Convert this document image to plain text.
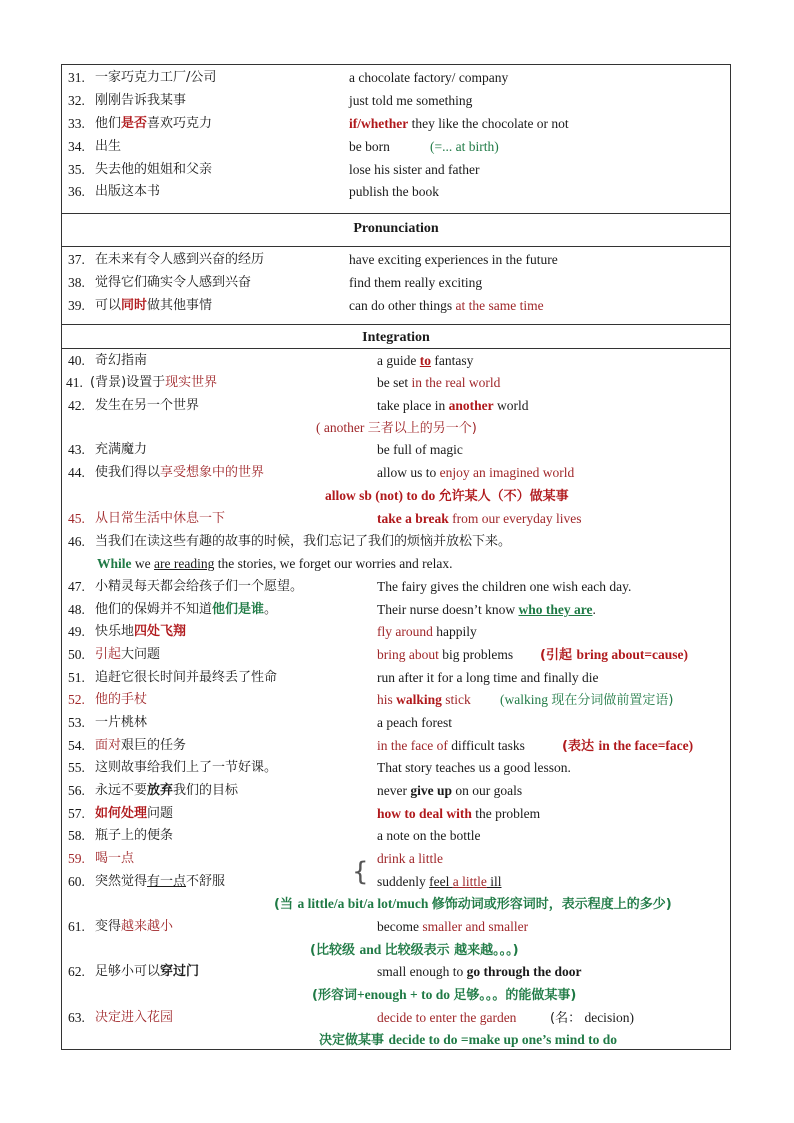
31. 一家巧克力工厂/公司	a chocolate factory/ company
32. 刚刚告诉我某事	just told me something
33. 他们是否喜欢巧克力	if/whether they like the chocolate or not
34. 出生	be born	(=... at birth)
35. 失去他的姐姐和父亲	lose his sister and father
36. 出版这本书	publish the book
Pronunciation
37. 在未来有令人感到兴奋的经历	have exciting experiences in the future
38. 觉得它们确实令人感到兴奋	find them really exciting
39. 可以同时做其他事情	can do other things at the same time
Integration
40. 奇幻指南	a guide to fantasy
41. (背景)设置于现实世界	be set in the real world
42. 发生在另一个世界	take place in another world
( another 三者以上的另一个)
43. 充满魔力	be full of magic
44. 使我们得以享受想象中的世界	allow us to enjoy an imagined world
allow sb (not) to do 允许某人（不）做某事
45. 从日常生活中休息一下	take a break from our everyday lives
46. 当我们在读这些有趣的故事的时候，我们忘记了我们的烦恼并放松下来。
While we are reading the stories, we forget our worries and relax.
47. 小精灵每天都会给孩子们一个愿望。	The fairy gives the children one wish each day.
48. 他们的保姆并不知道他们是谁。	Their nurse doesn’t know who they are.
49. 快乐地四处飞翔	fly around happily
50. 引起大问题	bring about big problems (引起 bring about=cause)
51. 追赶它很长时间并最终丢了性命	run after it for a long time and finally die
52. 他的手杖	his walking stick (walking 现在分词做前置定语)
53. 一片桃林	a peach forest
54. 面对艰巨的任务	in the face of difficult tasks	(表达 in the face=face)
55. 这则故事给我们上了一节好课。	That story teaches us a good lesson.
56. 永远不要放弃我们的目标	never give up on our goals
57. 如何处理问题	how to deal with the problem
58. 瓶子上的便条	a note on the bottle
59. 喝一点	drink a little
{
60. 突然觉得有一点不舒服	suddenly feel a little ill
(当 a little/a bit/a lot/much 修饰动词或形容词时，表示程度上的多少)
61. 变得越来越小	become smaller and smaller
(比较级 and 比较级表示 越来越。。。)
62. 足够小可以穿过门	small enough to go through the door
(形容词+enough + to do 足够。。。的能做某事)
63. 决定进入花园	decide to enter the garden	(名： decision)
决定做某事 decide to do =make up one’s mind to do
